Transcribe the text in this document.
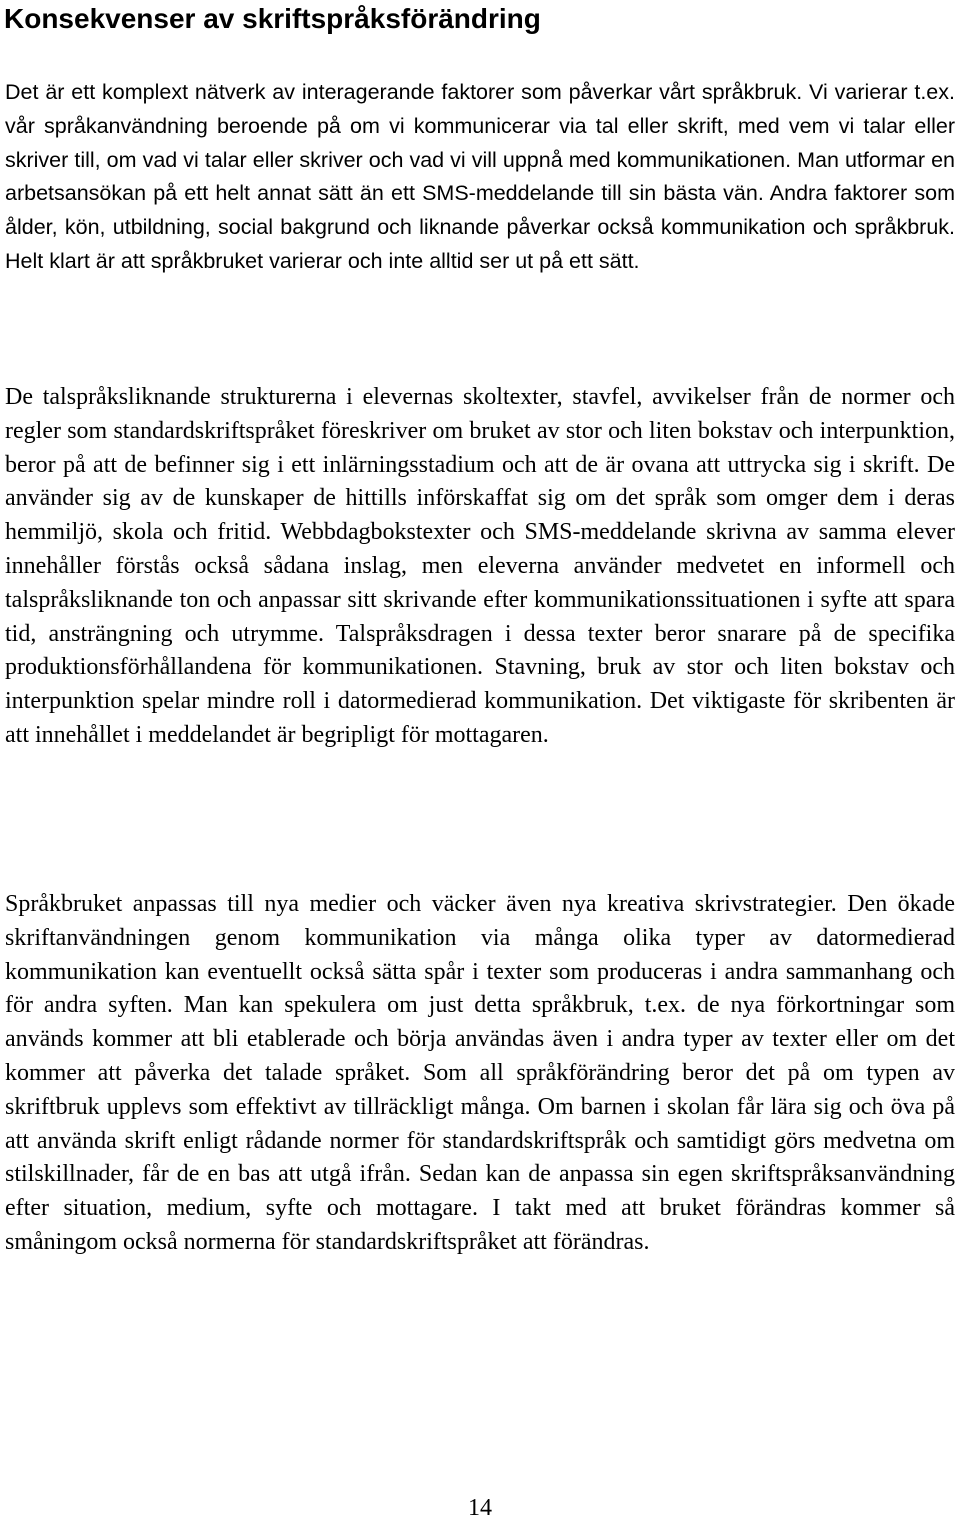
Konsekvenser av skriftspråksförändring

Det är ett komplext nätverk av interagerande faktorer som påverkar vårt språkbruk. Vi varierar t.ex. vår språkanvändning beroende på om vi kommunicerar via tal eller skrift, med vem vi talar eller skriver till, om vad vi talar eller skriver och vad vi vill uppnå med kommunikationen. Man utformar en arbetsansökan på ett helt annat sätt än ett SMS-meddelande till sin bästa vän. Andra faktorer som ålder, kön, utbildning, social bakgrund och liknande påverkar också kommunikation och språkbruk. Helt klart är att språkbruket varierar och inte alltid ser ut på ett sätt.

De talspråksliknande strukturerna i elevernas skoltexter, stavfel, avvikelser från de normer och regler som standardskriftspråket föreskriver om bruket av stor och liten bokstav och interpunktion, beror på att de befinner sig i ett inlärningsstadium och att de är ovana att uttrycka sig i skrift. De använder sig av de kunskaper de hittills införskaffat sig om det språk som omger dem i deras hemmiljö, skola och fritid. Webbdagbokstexter och SMS-meddelande skrivna av samma elever innehåller förstås också sådana inslag, men eleverna använder medvetet en informell och talspråksliknande ton och anpassar sitt skrivande efter kommunikationssituationen i syfte att spara tid, ansträngning och utrymme. Talspråksdragen i dessa texter beror snarare på de specifika produktionsförhållandena för kommunikationen. Stavning, bruk av stor och liten bokstav och interpunktion spelar mindre roll i datormedierad kommunikation. Det viktigaste för skribenten är att innehållet i meddelandet är begripligt för mottagaren.

Språkbruket anpassas till nya medier och väcker även nya kreativa skrivstrategier. Den ökade skriftanvändningen genom kommunikation via många olika typer av datormedierad kommunikation kan eventuellt också sätta spår i texter som produceras i andra sammanhang och för andra syften. Man kan spekulera om just detta språkbruk, t.ex. de nya förkortningar som används kommer att bli etablerade och börja användas även i andra typer av texter eller om det kommer att påverka det talade språket. Som all språkförändring beror det på om typen av skriftbruk upplevs som effektivt av tillräckligt många. Om barnen i skolan får lära sig och öva på att använda skrift enligt rådande normer för standardskriftspråk och samtidigt görs medvetna om stilskillnader, får de en bas att utgå ifrån. Sedan kan de anpassa sin egen skriftspråksanvändning efter situation, medium, syfte och mottagare. I takt med att bruket förändras kommer så småningom också normerna för standardskriftspråket att förändras.

14
